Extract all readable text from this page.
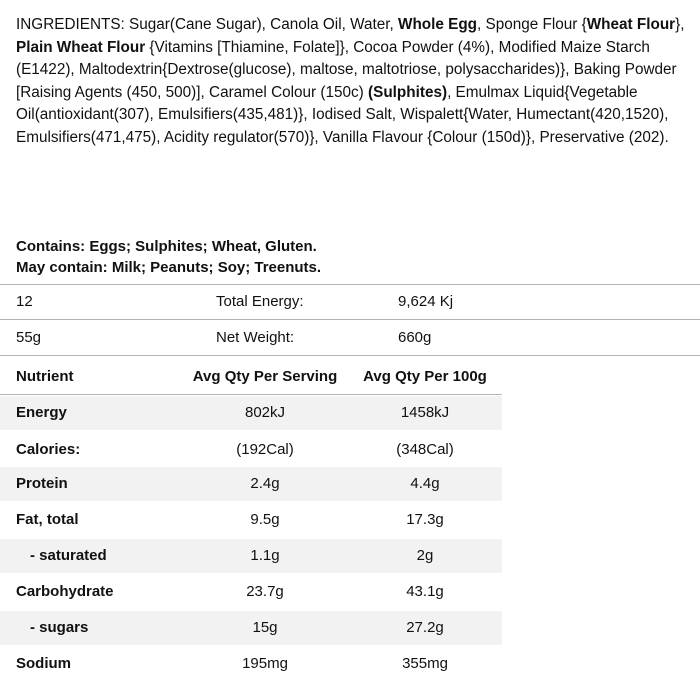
INGREDIENTS: Sugar(Cane Sugar), Canola Oil, Water, Whole Egg, Sponge Flour {Wheat Flour}, Plain Wheat Flour {Vitamins [Thiamine, Folate]}, Cocoa Powder (4%), Modified Maize Starch (E1422), Maltodextrin{Dextrose(glucose), maltose, maltotriose, polysaccharides)}, Baking Powder [Raising Agents (450, 500)], Caramel Colour (150c) (Sulphites), Emulmax Liquid{Vegetable Oil(antioxidant(307), Emulsifiers(435,481)}, Iodised Salt, Wispalett{Water, Humectant(420,1520), Emulsifiers(471,475), Acidity regulator(570)}, Vanilla Flavour {Colour (150d)}, Preservative (202).
Contains: Eggs; Sulphites; Wheat, Gluten.
May contain: Milk; Peanuts; Soy; Treenuts.
12	Total Energy:	9,624 Kj
55g	Net Weight:	660g
Nutrient	Avg Qty Per Serving	Avg Qty Per 100g
Energy	802kJ	1458kJ
Calories:	(192Cal)	(348Cal)
Protein	2.4g	4.4g
Fat, total	9.5g	17.3g
- saturated	1.1g	2g
Carbohydrate	23.7g	43.1g
- sugars	15g	27.2g
Sodium	195mg	355mg
